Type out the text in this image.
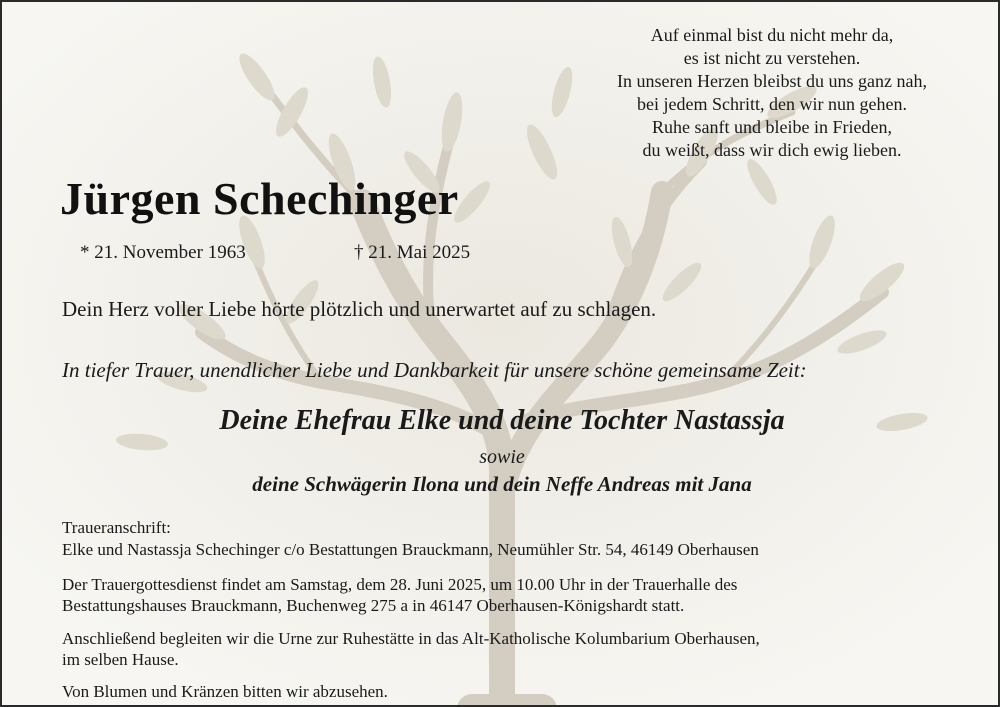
Auf einmal bist du nicht mehr da,
es ist nicht zu verstehen.
In unseren Herzen bleibst du uns ganz nah,
bei jedem Schritt, den wir nun gehen.
Ruhe sanft und bleibe in Frieden,
du weißt, dass wir dich ewig lieben.
Jürgen Schechinger
* 21. November 1963	† 21. Mai 2025
Dein Herz voller Liebe hörte plötzlich und unerwartet auf zu schlagen.
In tiefer Trauer, unendlicher Liebe und Dankbarkeit für unsere schöne gemeinsame Zeit:
Deine Ehefrau Elke und deine Tochter Nastassja
sowie
deine Schwägerin Ilona und dein Neffe Andreas mit Jana
Traueranschrift:
Elke und Nastassja Schechinger c/o Bestattungen Brauckmann, Neumühler Str. 54, 46149 Oberhausen
Der Trauergottesdienst findet am Samstag, dem 28. Juni 2025, um 10.00 Uhr in der Trauerhalle des
Bestattungshauses Brauckmann, Buchenweg 275 a in 46147 Oberhausen-Königshardt statt.
Anschließend begleiten wir die Urne zur Ruhestätte in das Alt-Katholische Kolumbarium Oberhausen,
im selben Hause.
Von Blumen und Kränzen bitten wir abzusehen.
